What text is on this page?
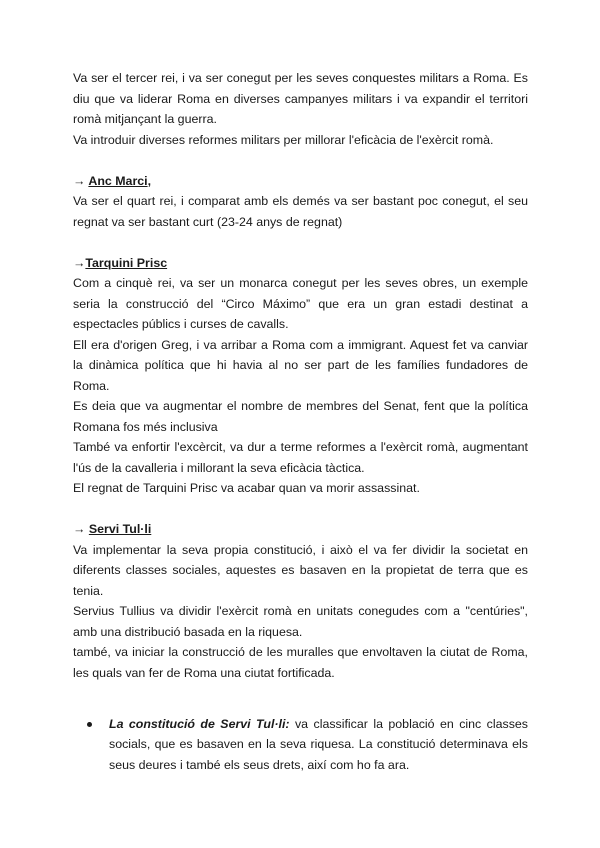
Va ser el tercer rei, i va ser conegut per les seves conquestes militars a Roma. Es diu que va liderar Roma en diverses campanyes militars i va expandir el territori romà mitjançant la guerra.

Va introduir diverses reformes militars per millorar l'eficàcia de l'exèrcit romà.

→ Anc Marci,

Va ser el quart rei, i comparat amb els demés va ser bastant poc conegut, el seu regnat va ser bastant curt (23-24 anys de regnat)

→Tarquini Prisc

Com a cinquè rei, va ser un monarca conegut per les seves obres, un exemple seria la construcció del “Circo Máximo” que era un gran estadi destinat a espectacles públics i curses de cavalls.

Ell era d'origen Greg, i va arribar a Roma com a immigrant. Aquest fet va canviar la dinàmica política que hi havia al no ser part de les famílies fundadores de Roma.

Es deia que va augmentar el nombre de membres del Senat, fent que la política Romana fos més inclusiva

També va enfortir l'excèrcit, va dur a terme reformes a l'exèrcit romà, augmentant l'ús de la cavalleria i millorant la seva eficàcia tàctica.

El regnat de Tarquini Prisc va acabar quan va morir assassinat.

→ Servi Tul·li

Va implementar la seva propia constitució, i això el va fer dividir la societat en diferents classes sociales, aquestes es basaven en la propietat de terra que es tenia.

Servius Tullius va dividir l'exèrcit romà en unitats conegudes com a "centúries", amb una distribució basada en la riquesa.

també, va iniciar la construcció de les muralles que envoltaven la ciutat de Roma, les quals van fer de Roma una ciutat fortificada.

La constitució de Servi Tul·li: va classificar la població en cinc classes socials, que es basaven en la seva riquesa. La constitució determinava els seus deures i també els seus drets, així com ho fa ara.
